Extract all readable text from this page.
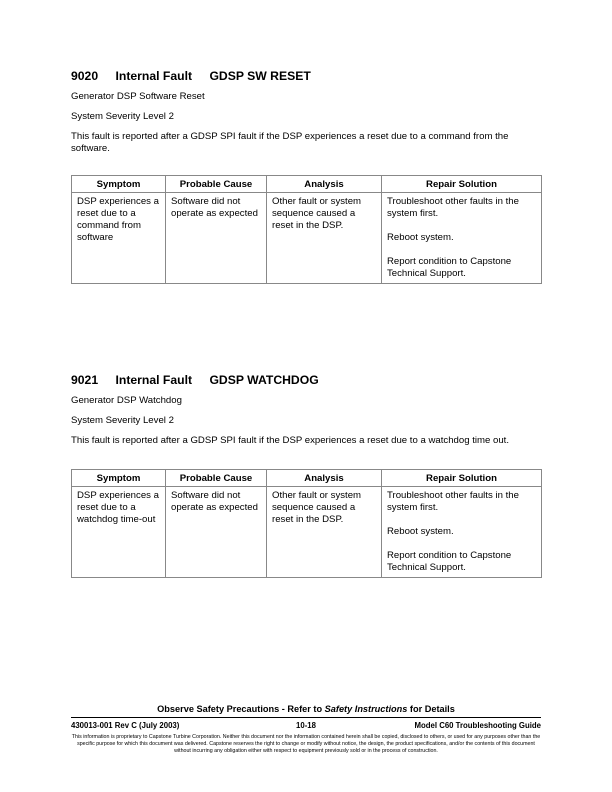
9020 Internal Fault GDSP SW RESET

Generator DSP Software Reset

System Severity Level 2

This fault is reported after a GDSP SPI fault if the DSP experiences a reset due to a command from the software.

Symptom	Probable Cause	Analysis	Repair Solution
DSP experiences a reset due to a command from software	Software did not operate as expected	Other fault or system sequence caused a reset in the DSP.	Troubleshoot other faults in the system first.
Reboot system.
Report condition to Capstone Technical Support.
9021 Internal Fault GDSP WATCHDOG

Generator DSP Watchdog

System Severity Level 2

This fault is reported after a GDSP SPI fault if the DSP experiences a reset due to a watchdog time out.

Symptom	Probable Cause	Analysis	Repair Solution
DSP experiences a reset due to a watchdog time-out	Software did not operate as expected	Other fault or system sequence caused a reset in the DSP.	Troubleshoot other faults in the system first.
Reboot system.
Report condition to Capstone Technical Support.
Observe Safety Precautions - Refer to Safety Instructions for Details
430013-001 Rev C (July 2003)	10-18	Model C60 Troubleshooting Guide
This information is proprietary to Capstone Turbine Corporation. Neither this document nor the information contained herein shall be copied, disclosed to others, or used for any purposes other than the specific purpose for which this document was delivered. Capstone reserves the right to change or modify without notice, the design, the product specifications, and/or the contents of this document without incurring any obligation either with respect to equipment previously sold or in the process of construction.
